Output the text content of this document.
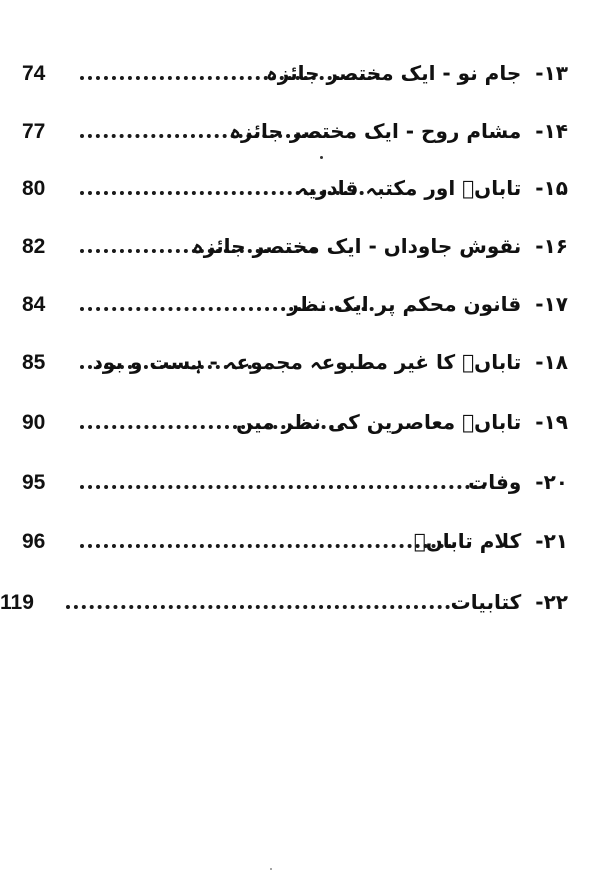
74	۱۳-جام نو - ایک مختصر جائزہ
77	۱۴-مشام روح - ایک مختصر جائزہ
80	۱۵-تاباںؔ اور مکتبہ قادریہ
82	۱۶-نقوش جاوداں - ایک مختصر جائزہ
84	۱۷-قانون محکم پر ایک نظر
85	۱۸-تاباںؔ کا غیر مطبوعہ مجموعہ - ہست و بود
90	۱۹-تاباںؔ معاصرین کی نظر میں
95	۲۰-وفات
96	۲۱-کلام تاباںؔ
119	۲۲-کتابیات
